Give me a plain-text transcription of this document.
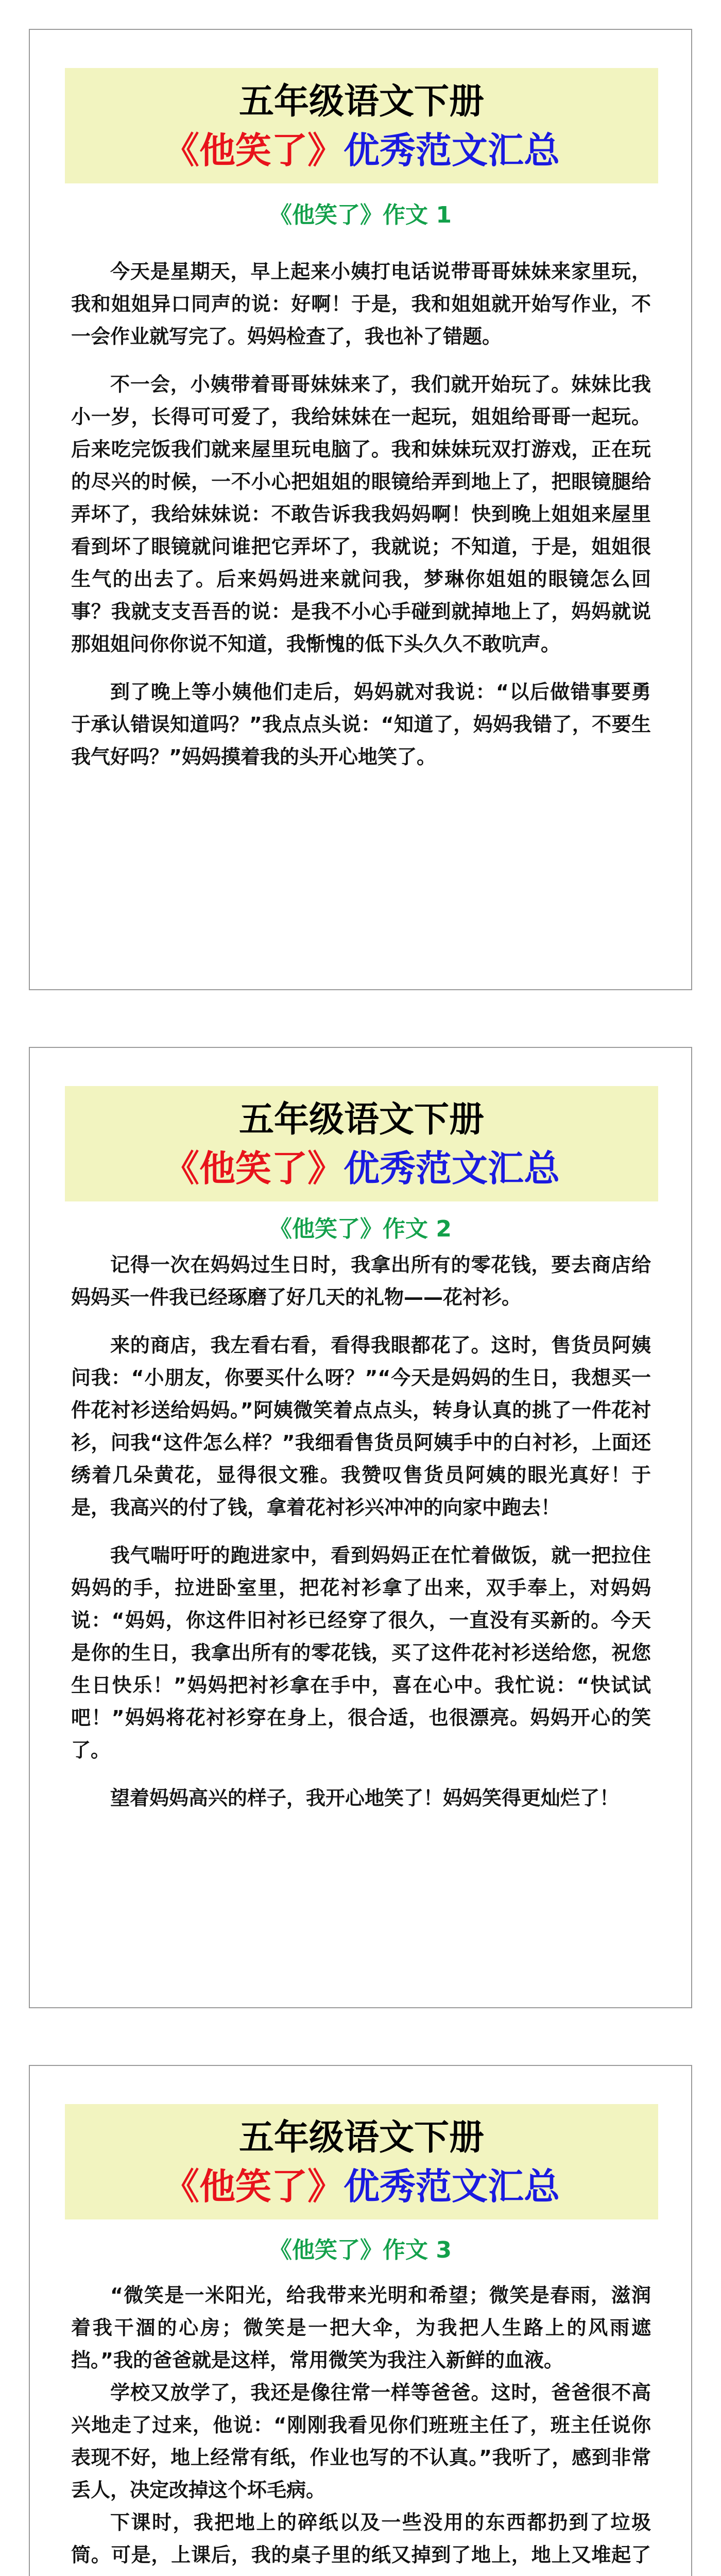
五年级语文下册
《他笑了》优秀范文汇总
《他笑了》作文 1

今天是星期天，早上起来小姨打电话说带哥哥妹妹来家里玩，我和姐姐异口同声的说：好啊！于是，我和姐姐就开始写作业，不一会作业就写完了。妈妈检查了，我也补了错题。

不一会，小姨带着哥哥妹妹来了，我们就开始玩了。妹妹比我小一岁，长得可可爱了，我给妹妹在一起玩，姐姐给哥哥一起玩。后来吃完饭我们就来屋里玩电脑了。我和妹妹玩双打游戏，正在玩的尽兴的时候，一不小心把姐姐的眼镜给弄到地上了，把眼镜腿给弄坏了，我给妹妹说：不敢告诉我我妈妈啊！快到晚上姐姐来屋里看到坏了眼镜就问谁把它弄坏了，我就说；不知道，于是，姐姐很生气的出去了。后来妈妈进来就问我，梦琳你姐姐的眼镜怎么回事？我就支支吾吾的说：是我不小心手碰到就掉地上了，妈妈就说那姐姐问你你说不知道，我惭愧的低下头久久不敢吭声。

到了晚上等小姨他们走后，妈妈就对我说：“以后做错事要勇于承认错误知道吗？”我点点头说：“知道了，妈妈我错了，不要生我气好吗？”妈妈摸着我的头开心地笑了。

五年级语文下册
《他笑了》优秀范文汇总
《他笑了》作文 2

记得一次在妈妈过生日时，我拿出所有的零花钱，要去商店给妈妈买一件我已经琢磨了好几天的礼物——花衬衫。

来的商店，我左看右看，看得我眼都花了。这时，售货员阿姨问我：“小朋友，你要买什么呀？”“今天是妈妈的生日，我想买一件花衬衫送给妈妈。”阿姨微笑着点点头，转身认真的挑了一件花衬衫，问我“这件怎么样？”我细看售货员阿姨手中的白衬衫，上面还绣着几朵黄花，显得很文雅。我赞叹售货员阿姨的眼光真好！于是，我高兴的付了钱，拿着花衬衫兴冲冲的向家中跑去！

我气喘吁吁的跑进家中，看到妈妈正在忙着做饭，就一把拉住妈妈的手，拉进卧室里，把花衬衫拿了出来，双手奉上，对妈妈说：“妈妈，你这件旧衬衫已经穿了很久，一直没有买新的。今天是你的生日，我拿出所有的零花钱，买了这件花衬衫送给您，祝您生日快乐！”妈妈把衬衫拿在手中，喜在心中。我忙说：“快试试吧！”妈妈将花衬衫穿在身上，很合适，也很漂亮。妈妈开心的笑了。

望着妈妈高兴的样子，我开心地笑了！妈妈笑得更灿烂了！

五年级语文下册
《他笑了》优秀范文汇总
《他笑了》作文 3

“微笑是一米阳光，给我带来光明和希望；微笑是春雨，滋润着我干涸的心房；微笑是一把大伞，为我把人生路上的风雨遮挡。”我的爸爸就是这样，常用微笑为我注入新鲜的血液。

学校又放学了，我还是像往常一样等爸爸。这时，爸爸很不高兴地走了过来，他说：“刚刚我看见你们班班主任了，班主任说你表现不好，地上经常有纸，作业也写的不认真。”我听了，感到非常丢人，决定改掉这个坏毛病。

下课时，我把地上的碎纸以及一些没用的东西都扔到了垃圾筒。可是，上课后，我的桌子里的纸又掉到了地上，地上又堆起了
